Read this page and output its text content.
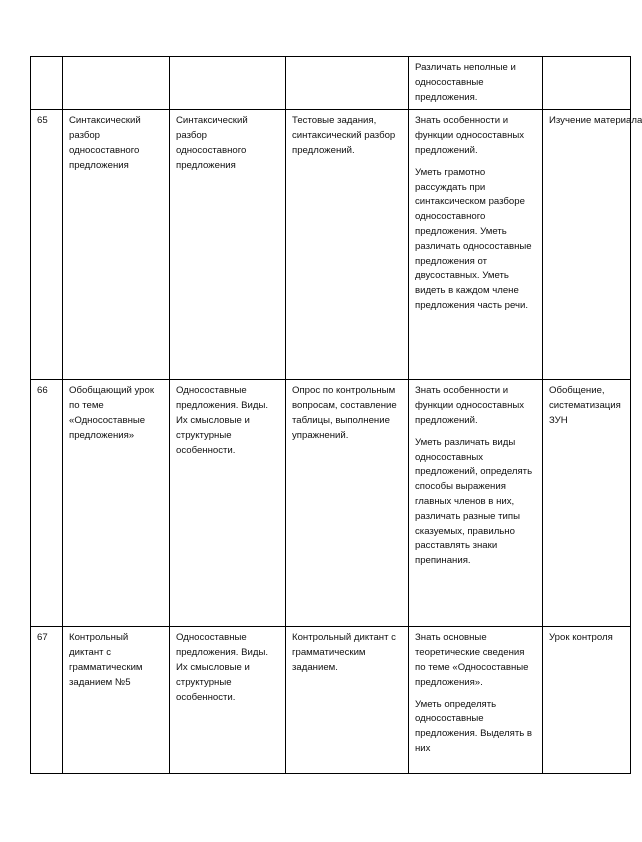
				Различать неполные и односоставные предложения.	

65	Синтаксический разбор односоставного предложения	Синтаксический разбор односоставного предложения	Тестовые задания, синтаксический разбор предложений.	Знать особенности и функции односоставных предложений.
Уметь грамотно рассуждать при синтаксическом разборе односоставного предложения. Уметь различать односоставные предложения от двусоставных. Уметь видеть в каждом члене предложения часть речи.	Изучение материала

66	Обобщающий урок по теме «Односоставные предложения»	Односоставные предложения. Виды. Их смысловые и структурные особенности.	Опрос по контрольным вопросам, составление таблицы, выполнение упражнений.	Знать особенности и функции односоставных предложений.
Уметь различать виды односоставных предложений, определять способы выражения главных членов в них, различать разные типы сказуемых, правильно расставлять знаки препинания.	Обобщение, систематизация ЗУН

67	Контрольный диктант с грамматическим заданием №5	Односоставные предложения. Виды. Их смысловые и структурные особенности.	Контрольный диктант с грамматическим заданием.	Знать основные теоретические сведения по теме «Односоставные предложения».
Уметь определять односоставные предложения. Выделять в них	Урок контроля
